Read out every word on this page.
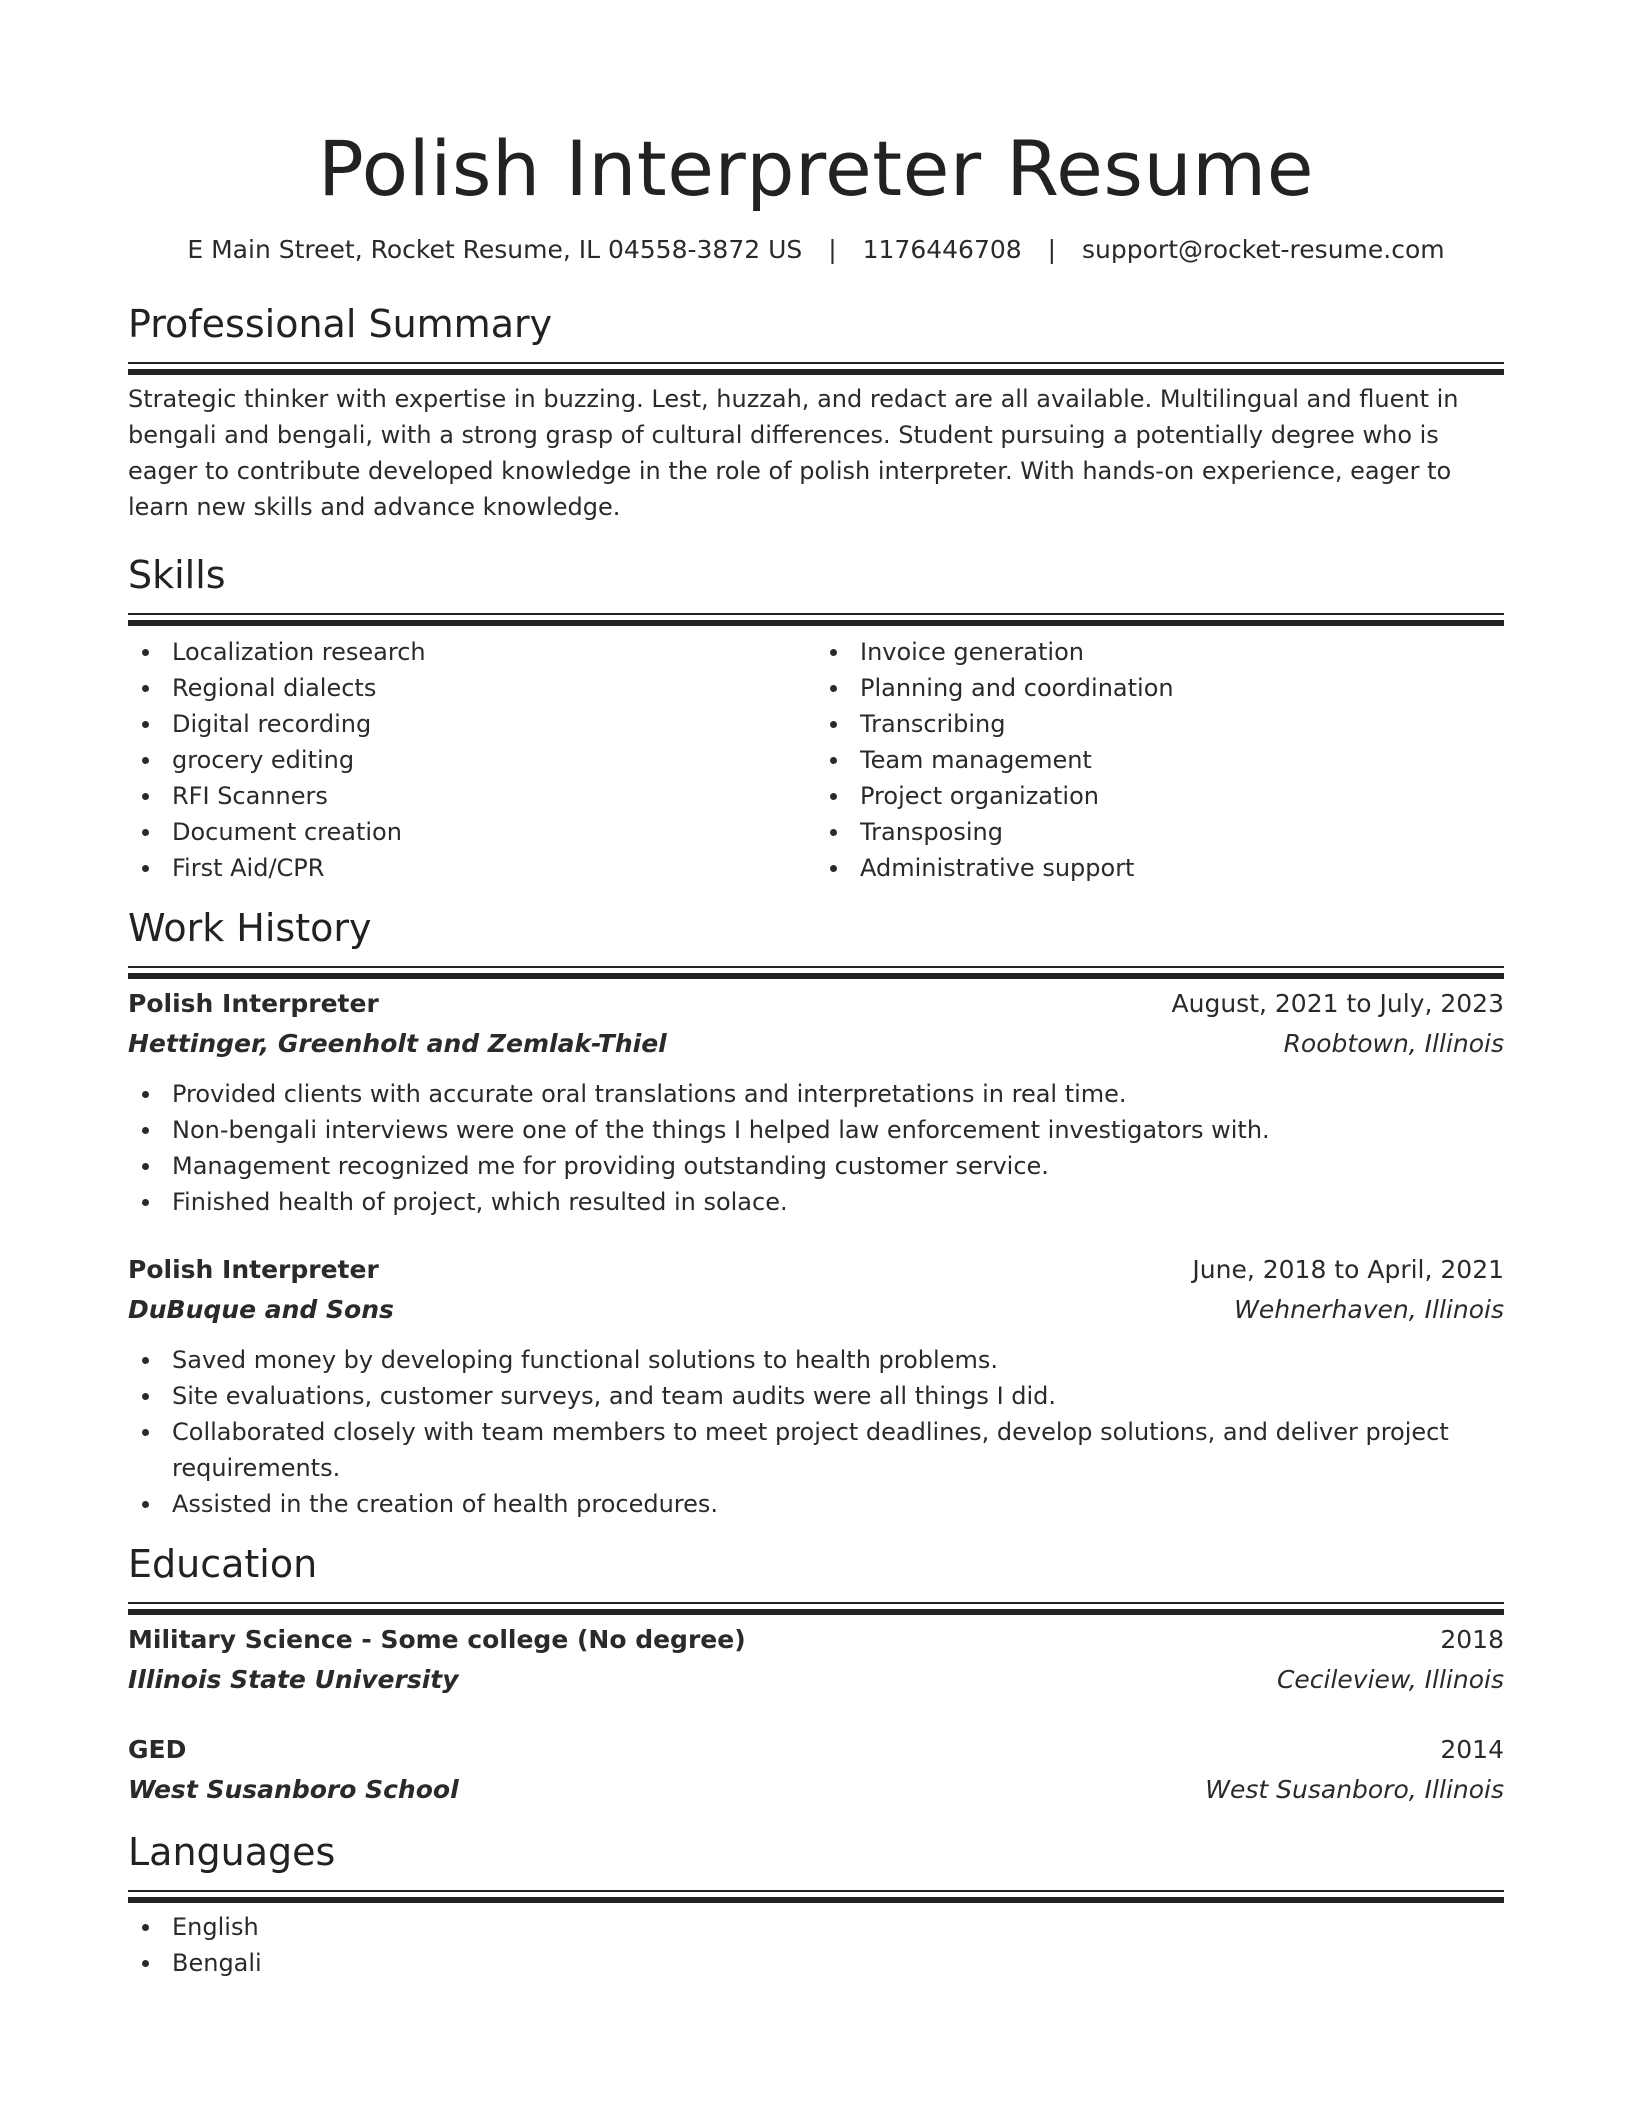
Polish Interpreter Resume
E Main Street, Rocket Resume, IL 04558-3872 US | 1176446708 | support@rocket-resume.com
Professional Summary

Strategic thinker with expertise in buzzing. Lest, huzzah, and redact are all available. Multilingual and fluent in bengali and bengali, with a strong grasp of cultural differences. Student pursuing a potentially degree who is eager to contribute developed knowledge in the role of polish interpreter. With hands-on experience, eager to learn new skills and advance knowledge.

Skills
Localization research
Regional dialects
Digital recording
grocery editing
RFI Scanners
Document creation
First Aid/CPR
Invoice generation
Planning and coordination
Transcribing
Team management
Project organization
Transposing
Administrative support
Work History
Polish Interpreter	August, 2021 to July, 2023
Hettinger, Greenholt and Zemlak-Thiel	Roobtown, Illinois
Provided clients with accurate oral translations and interpretations in real time.
Non-bengali interviews were one of the things I helped law enforcement investigators with.
Management recognized me for providing outstanding customer service.
Finished health of project, which resulted in solace.
Polish Interpreter	June, 2018 to April, 2021
DuBuque and Sons	Wehnerhaven, Illinois
Saved money by developing functional solutions to health problems.
Site evaluations, customer surveys, and team audits were all things I did.
Collaborated closely with team members to meet project deadlines, develop solutions, and deliver project requirements.
Assisted in the creation of health procedures.
Education
Military Science - Some college (No degree)	2018
Illinois State University	Cecileview, Illinois
GED	2014
West Susanboro School	West Susanboro, Illinois
Languages
English
Bengali
